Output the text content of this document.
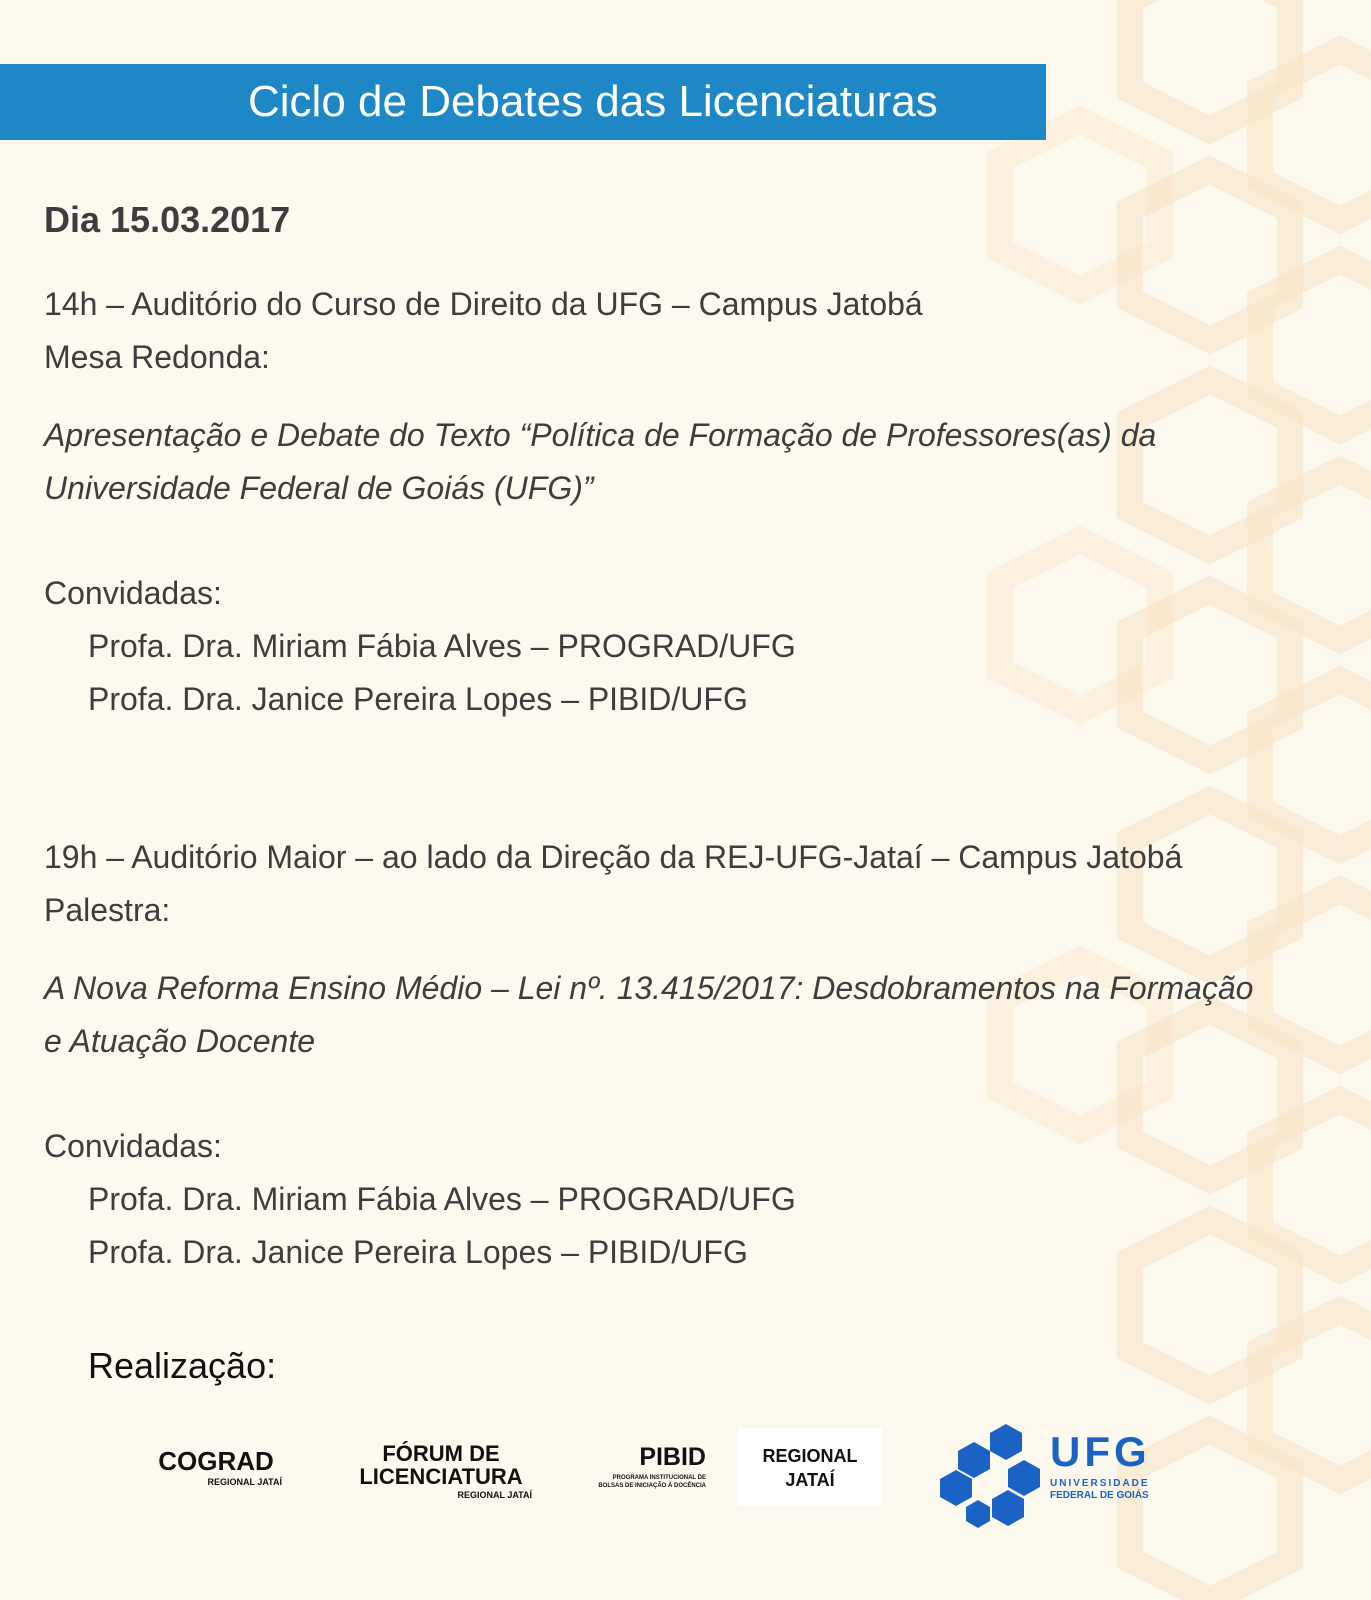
Ciclo de Debates das Licenciaturas
Dia 15.03.2017
14h – Auditório do Curso de Direito da UFG – Campus Jatobá
Mesa Redonda:
Apresentação e Debate do Texto “Política de Formação de Professores(as) da
Universidade Federal de Goiás (UFG)”
Convidadas:
Profa. Dra. Miriam Fábia Alves – PROGRAD/UFG
Profa. Dra. Janice Pereira Lopes – PIBID/UFG
19h – Auditório Maior – ao lado da Direção da REJ-UFG-Jataí – Campus Jatobá
Palestra:
A Nova Reforma Ensino Médio – Lei nº. 13.415/2017: Desdobramentos na Formação
e Atuação Docente
Convidadas:
Profa. Dra. Miriam Fábia Alves – PROGRAD/UFG
Profa. Dra. Janice Pereira Lopes – PIBID/UFG
Realização:
COGRAD
REGIONAL JATAÍ
FÓRUM DE
LICENCIATURA
REGIONAL JATAÍ
PIBID
PROGRAMA INSTITUCIONAL DE
BOLSAS DE INICIAÇÃO À DOCÊNCIA
REGIONAL
JATAÍ
UFG
UNIVERSIDADE
FEDERAL DE GOIÁS
